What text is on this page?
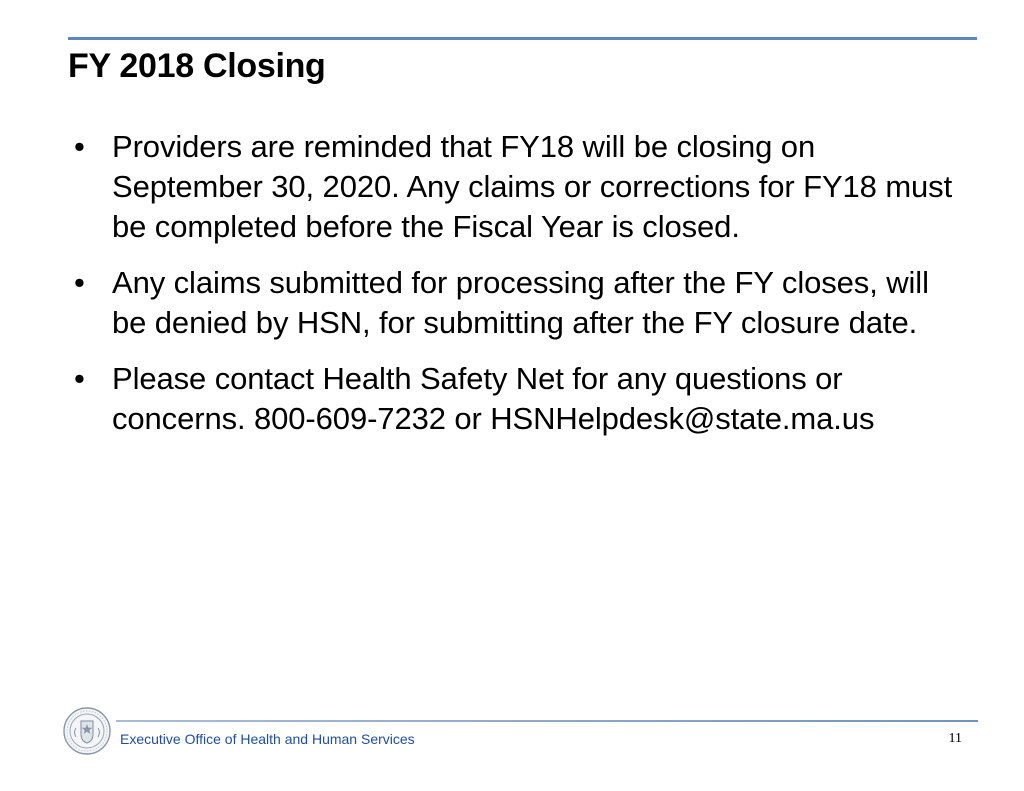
FY 2018 Closing
• Providers are reminded that FY18 will be closing on September 30, 2020. Any claims or corrections for FY18 must be completed before the Fiscal Year is closed.
• Any claims submitted for processing after the FY closes, will be denied by HSN, for submitting after the FY closure date.
• Please contact Health Safety Net for any questions or concerns. 800-609-7232 or HSNHelpdesk@state.ma.us
Executive Office of Health and Human Services	11
